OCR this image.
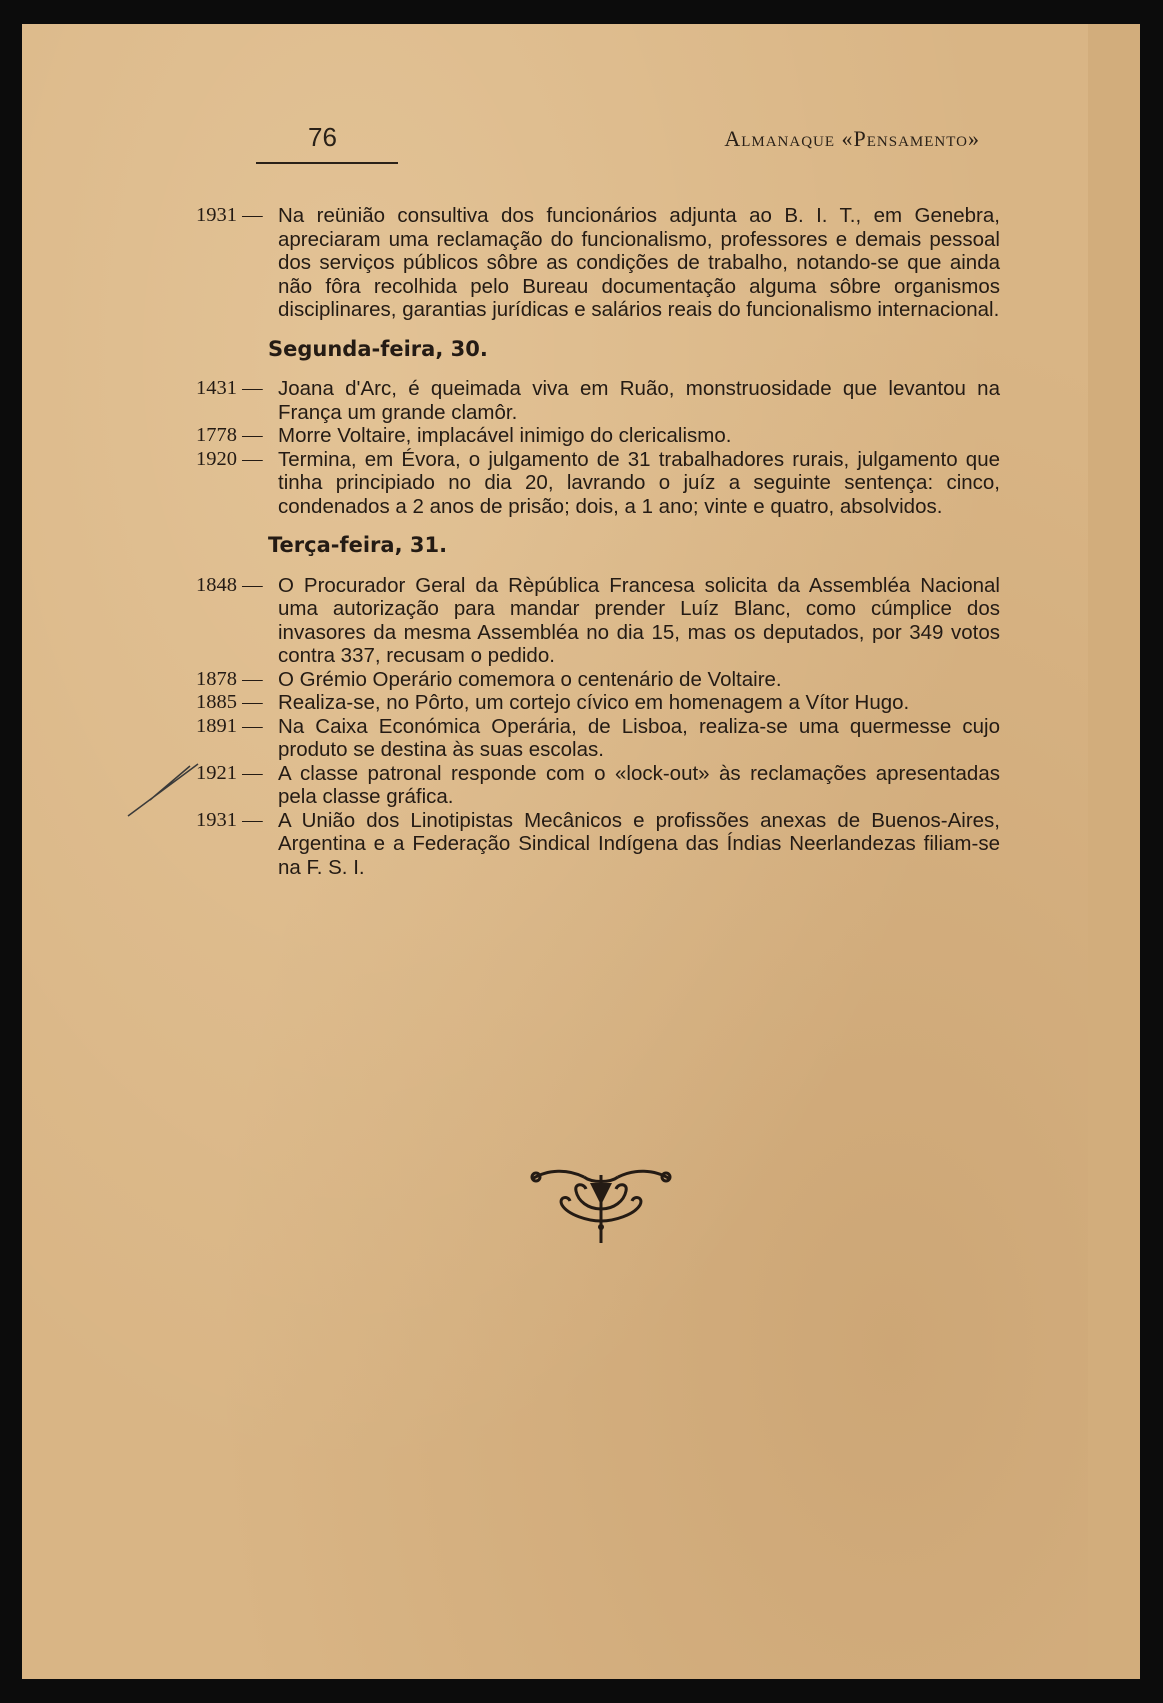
76	Almanaque «Pensamento»
1931 — Na reünião consultiva dos funcionários adjunta ao B. I. T., em Genebra, apreciaram uma reclamação do funcionalismo, professores e demais pessoal dos serviços públicos sôbre as condições de trabalho, notando-se que ainda não fôra recolhida pelo Bureau documentação alguma sôbre organismos disciplinares, garantias jurídicas e salários reais do funcionalismo internacional.
Segunda-feira, 30.
1431 — Joana d'Arc, é queimada viva em Ruão, monstruosidade que levantou na França um grande clamôr.
1778 — Morre Voltaire, implacável inimigo do clericalismo.
1920 — Termina, em Évora, o julgamento de 31 trabalhadores rurais, julgamento que tinha principiado no dia 20, lavrando o juíz a seguinte sentença: cinco, condenados a 2 anos de prisão; dois, a 1 ano; vinte e quatro, absolvidos.
Terça-feira, 31.
1848 — O Procurador Geral da Rèpública Francesa solicita da Assembléa Nacional uma autorização para mandar prender Luíz Blanc, como cúmplice dos invasores da mesma Assembléa no dia 15, mas os deputados, por 349 votos contra 337, recusam o pedido.
1878 — O Grémio Operário comemora o centenário de Voltaire.
1885 — Realiza-se, no Pôrto, um cortejo cívico em homenagem a Vítor Hugo.
1891 — Na Caixa Económica Operária, de Lisboa, realiza-se uma quermesse cujo produto se destina às suas escolas.
1921 — A classe patronal responde com o «lock-out» às reclamações apresentadas pela classe gráfica.
1931 — A União dos Linotipistas Mecânicos e profissões anexas de Buenos-Aires, Argentina e a Federação Sindical Indígena das Índias Neerlandezas filiam-se na F. S. I.
